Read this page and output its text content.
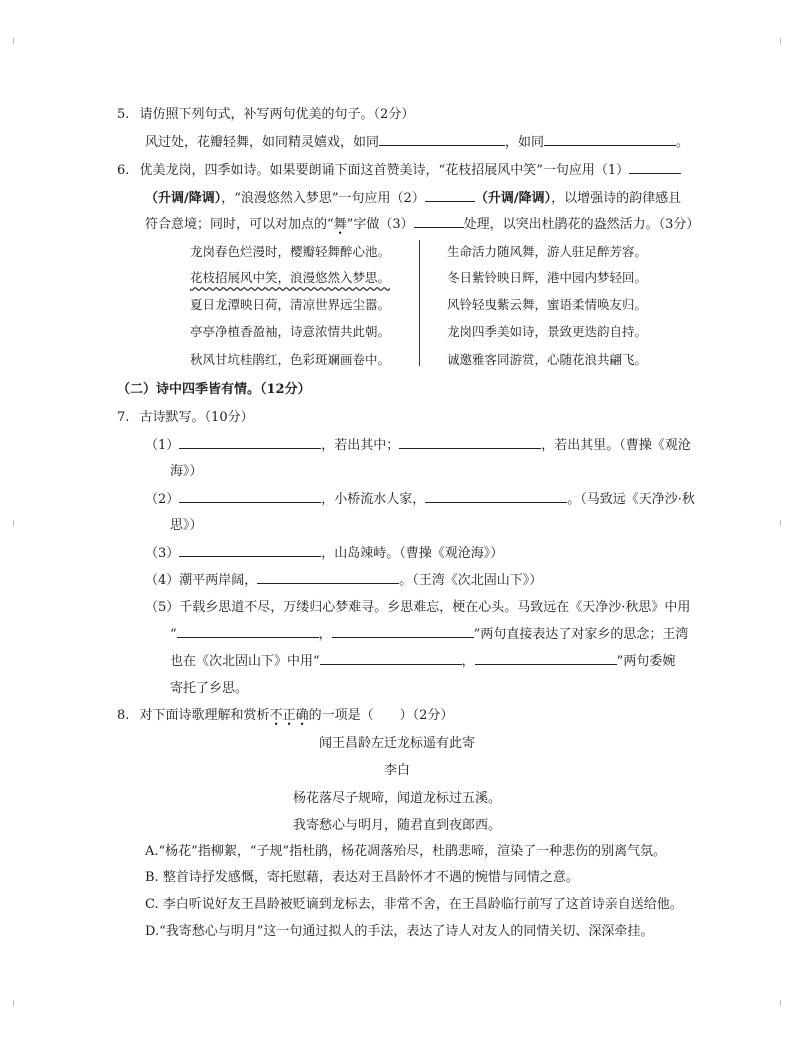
5. 请仿照下列句式，补写两句优美的句子。（2分）
风过处，花瓣轻舞，如同精灵嬉戏，如同	，如同	。
6. 优美龙岗，四季如诗。如果要朗诵下面这首赞美诗，“花枝招展风中笑”一句应用（1）
（升调/降调），“浪漫悠然入梦思”一句应用（2）	（升调/降调），以增强诗的韵律感且
符合意境；同时，可以对加点的“舞”字做（3）	处理，以突出杜鹃花的盎然活力。（3分）
龙岗春色烂漫时，樱瓣轻舞醉心池。
花枝招展风中笑，浪漫悠然入梦思。
夏日龙潭映日荷，清凉世界远尘嚣。
亭亭净植香盈袖，诗意浓情共此朝。
秋风甘坑桂鹃红，色彩斑斓画卷中。
生命活力随风舞，游人驻足醉芳容。
冬日紫铃映日辉，港中园内梦轻回。
风铃轻曳紫云舞，蜜语柔情唤友归。
龙岗四季美如诗，景致更迭韵自持。
诚邀雅客同游赏，心随花浪共翩飞。
（二）诗中四季皆有情。（12分）
7. 古诗默写。（10分）
（1）	，若出其中；	，若出其里。（曹操《观沧
海》）
（2）	，小桥流水人家，	。（马致远《天净沙·秋
思》）
（3）	，山岛竦峙。（曹操《观沧海》）
（4）潮平两岸阔，	。（王湾《次北固山下》）
（5）千载乡思道不尽，万缕归心梦难寻。乡思难忘，梗在心头。马致远在《天净沙·秋思》中用
“	，	”两句直接表达了对家乡的思念；王湾
也在《次北固山下》中用“	，	”两句委婉
寄托了乡思。
8. 对下面诗歌理解和赏析不正确的一项是（　　）（2分）
闻王昌龄左迁龙标遥有此寄
李白
杨花落尽子规啼，闻道龙标过五溪。
我寄愁心与明月，随君直到夜郎西。
A.“杨花”指柳絮，“子规”指杜鹃，杨花凋落殆尽，杜鹃悲啼，渲染了一种悲伤的别离气氛。
B. 整首诗抒发感慨，寄托慰藉，表达对王昌龄怀才不遇的惋惜与同情之意。
C. 李白听说好友王昌龄被贬谪到龙标去，非常不舍，在王昌龄临行前写了这首诗亲自送给他。
D.“我寄愁心与明月”这一句通过拟人的手法，表达了诗人对友人的同情关切、深深牵挂。
